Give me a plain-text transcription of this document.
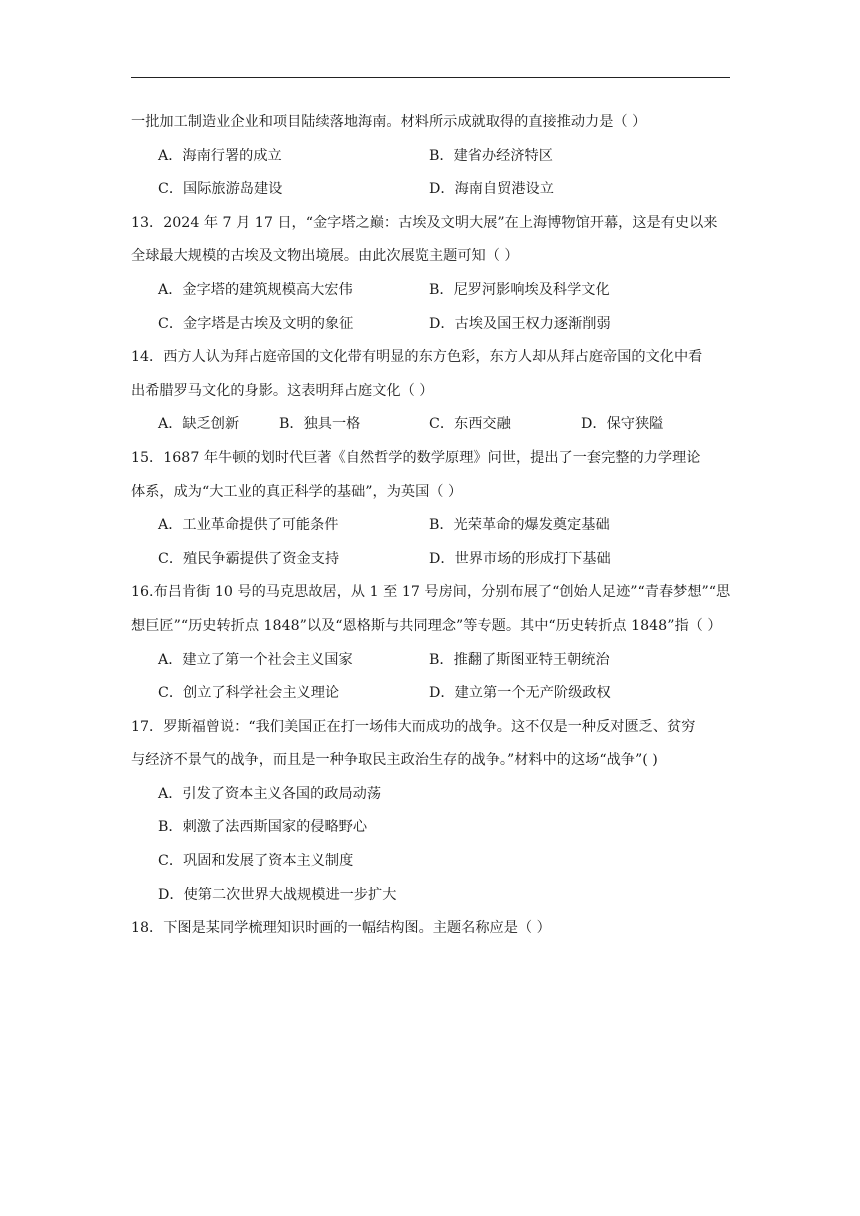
一批加工制造业企业和项目陆续落地海南。材料所示成就取得的直接推动力是（ ）
A．海南行署的成立	B．建省办经济特区
C．国际旅游岛建设	D．海南自贸港设立
13．2024 年 7 月 17 日，“金字塔之巅：古埃及文明大展”在上海博物馆开幕，这是有史以来
全球最大规模的古埃及文物出境展。由此次展览主题可知（ ）
A．金字塔的建筑规模高大宏伟	B．尼罗河影响埃及科学文化
C．金字塔是古埃及文明的象征	D．古埃及国王权力逐渐削弱
14．西方人认为拜占庭帝国的文化带有明显的东方色彩，东方人却从拜占庭帝国的文化中看
出希腊罗马文化的身影。这表明拜占庭文化（ ）
A．缺乏创新	B．独具一格	C．东西交融	D．保守狭隘
15．1687 年牛顿的划时代巨著《自然哲学的数学原理》问世，提出了一套完整的力学理论
体系，成为“大工业的真正科学的基础”，为英国（ ）
A．工业革命提供了可能条件	B．光荣革命的爆发奠定基础
C．殖民争霸提供了资金支持	D．世界市场的形成打下基础
16.布吕肯街 10 号的马克思故居，从 1 至 17 号房间，分别布展了“创始人足迹”“青春梦想”“思
想巨匠”“历史转折点 1848”以及“恩格斯与共同理念”等专题。其中“历史转折点 1848”指（ ）
A．建立了第一个社会主义国家	B．推翻了斯图亚特王朝统治
C．创立了科学社会主义理论	D．建立第一个无产阶级政权
17．罗斯福曾说：“我们美国正在打一场伟大而成功的战争。这不仅是一种反对匮乏、贫穷
与经济不景气的战争，而且是一种争取民主政治生存的战争。”材料中的这场“战争”( )
A．引发了资本主义各国的政局动荡
B．刺激了法西斯国家的侵略野心
C．巩固和发展了资本主义制度
D．使第二次世界大战规模进一步扩大
18．下图是某同学梳理知识时画的一幅结构图。主题名称应是（ ）
